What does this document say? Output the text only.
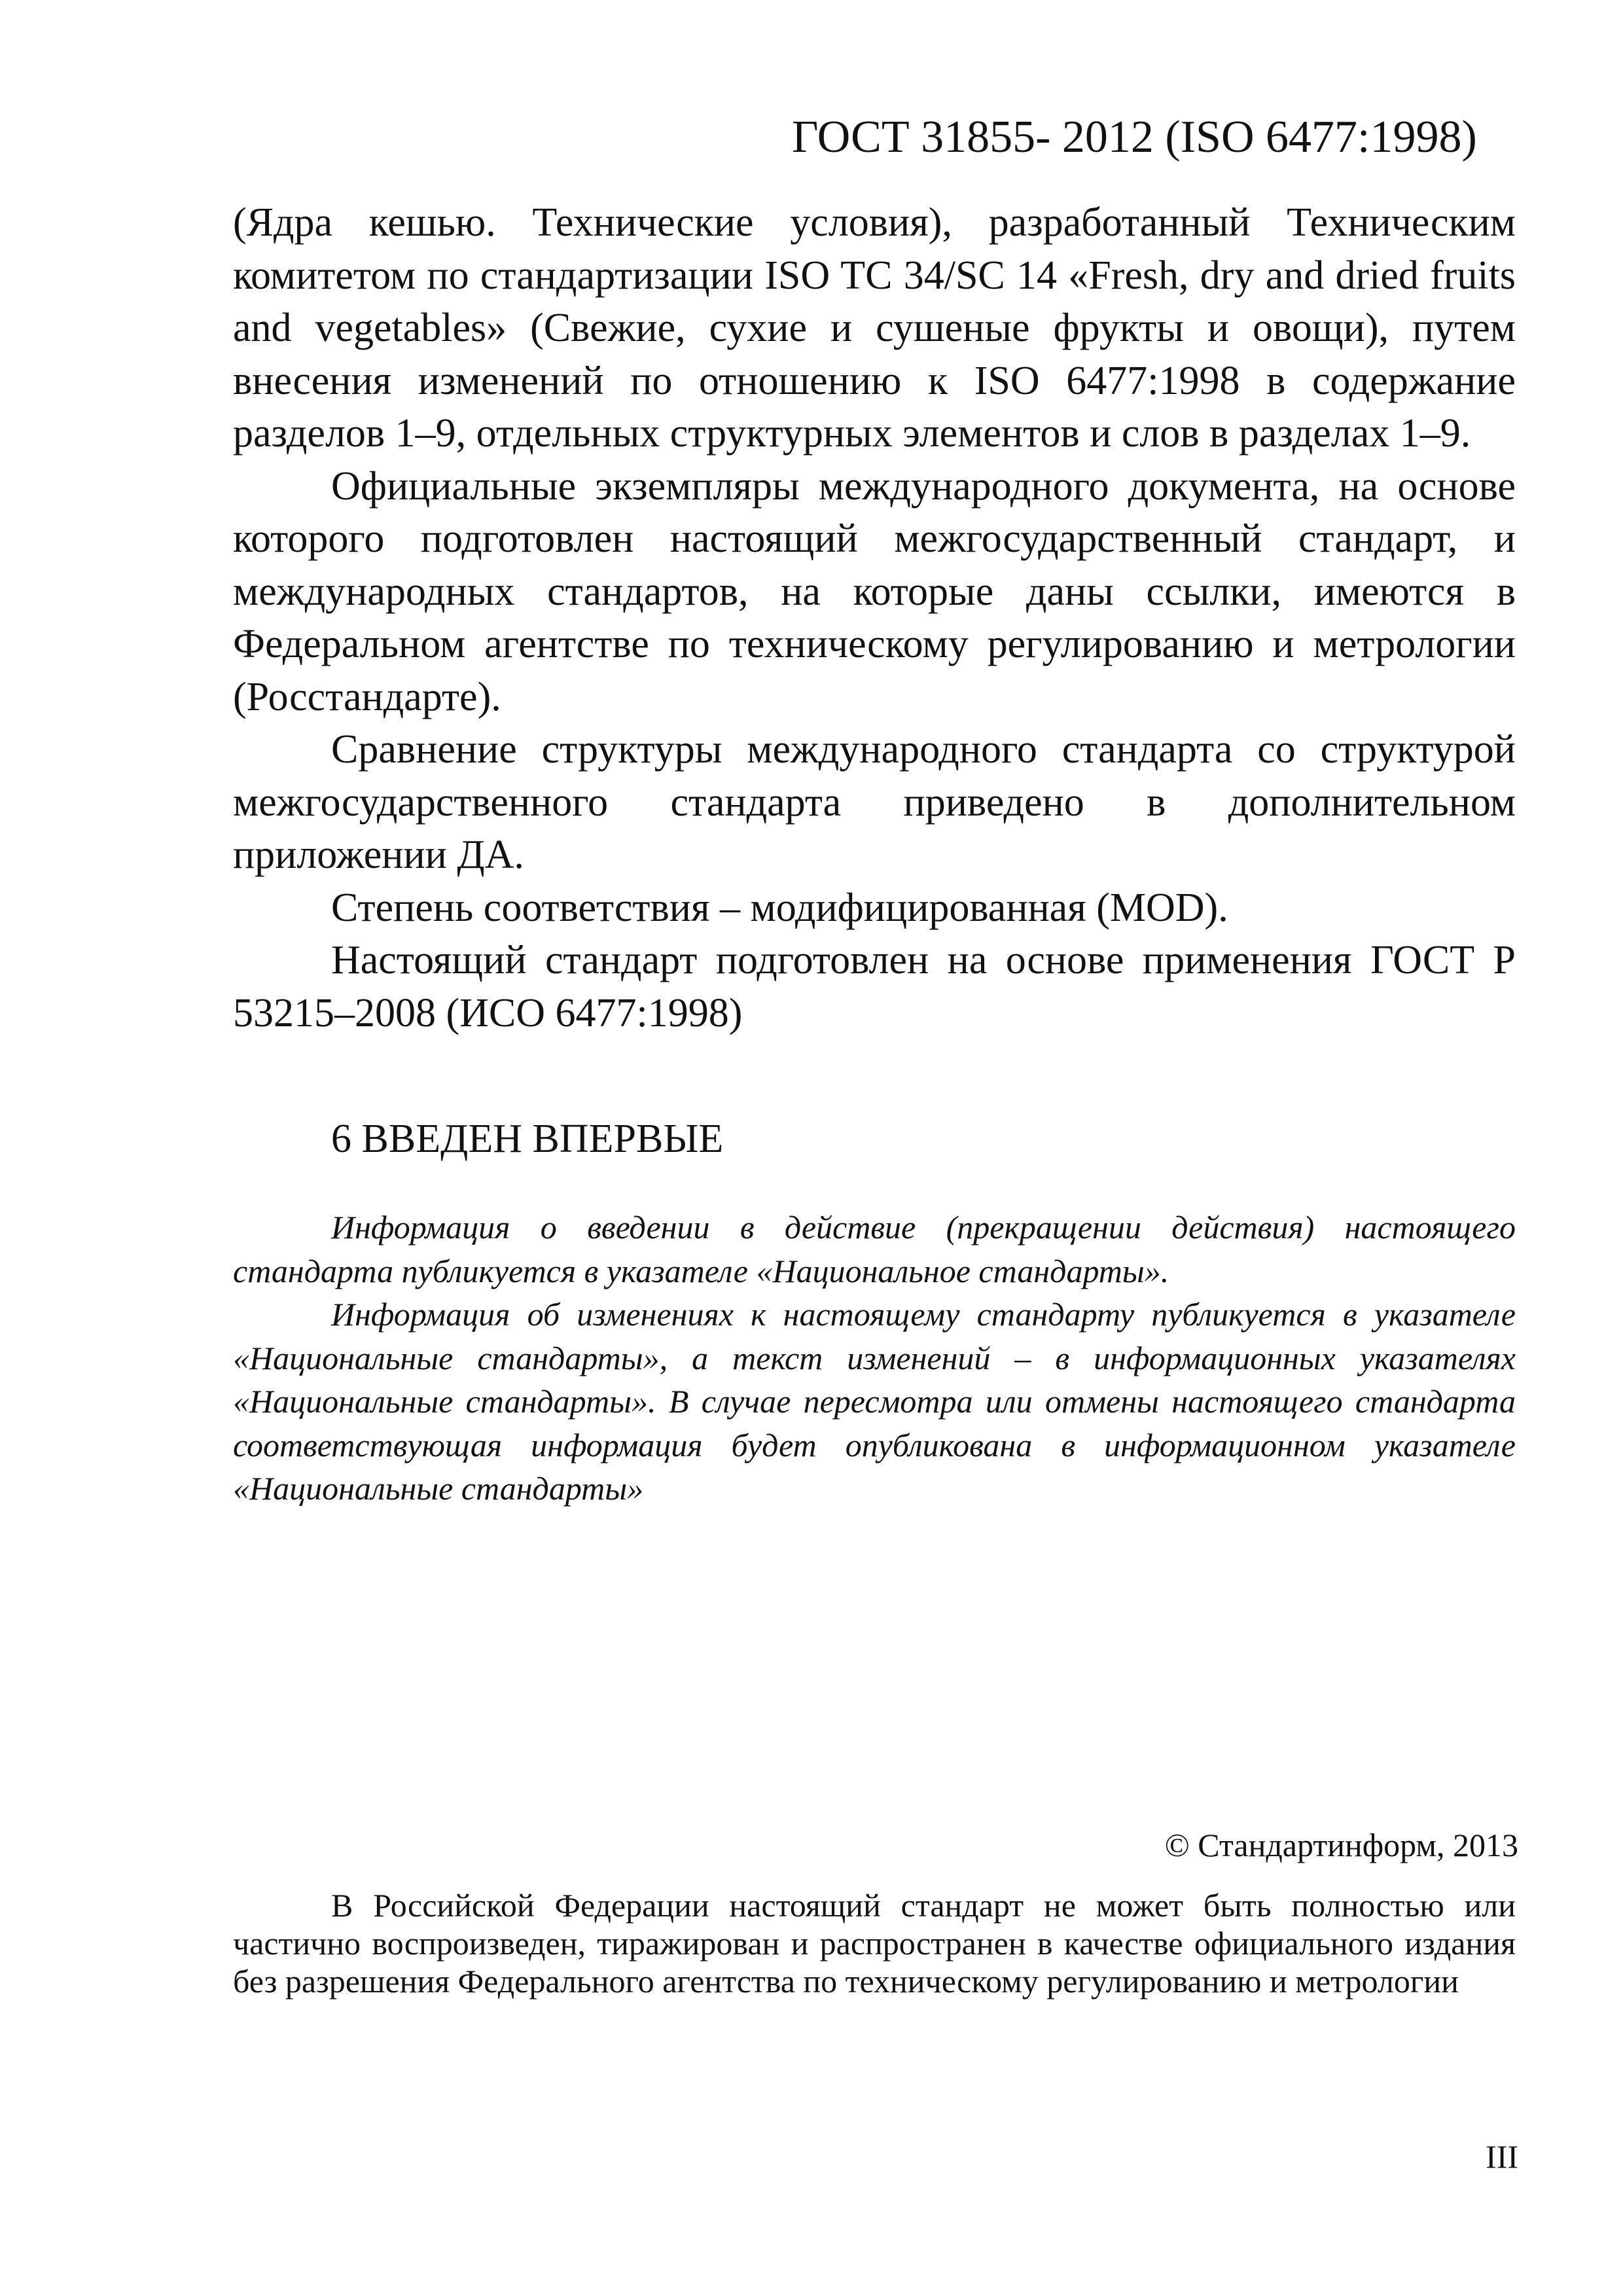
ГОСТ 31855- 2012 (ISO 6477:1998)

(Ядра кешью. Технические условия), разработанный Техническим комитетом по стандартизации ISO TC 34/SC 14 «Fresh, dry and dried fruits and vegetables» (Свежие, сухие и сушеные фрукты и овощи), путем внесения изменений по отношению к ISO 6477:1998 в содержание разделов 1–9, отдельных структурных элементов и слов в разделах 1–9.

Официальные экземпляры международного документа, на основе которого подготовлен настоящий межгосударственный стандарт, и международных стандартов, на которые даны ссылки, имеются в Федеральном агентстве по техническому регулированию и метрологии (Росстандарте).

Сравнение структуры международного стандарта со структурой межгосударственного стандарта приведено в дополнительном приложении ДА.

Степень соответствия – модифицированная (MOD).

Настоящий стандарт подготовлен на основе применения ГОСТ Р 53215–2008 (ИСО 6477:1998)

6 ВВЕДЕН ВПЕРВЫЕ

Информация о введении в действие (прекращении действия) настоящего стандарта публикуется в указателе «Национальное стандарты».

Информация об изменениях к настоящему стандарту публикуется в указателе «Национальные стандарты», а текст изменений – в информационных указателях «Национальные стандарты». В случае пересмотра или отмены настоящего стандарта соответствующая информация будет опубликована в информационном указателе «Национальные стандарты»

© Стандартинформ, 2013

В Российской Федерации настоящий стандарт не может быть полностью или частично воспроизведен, тиражирован и распространен в качестве официального издания без разрешения Федерального агентства по техническому регулированию и метрологии

III
